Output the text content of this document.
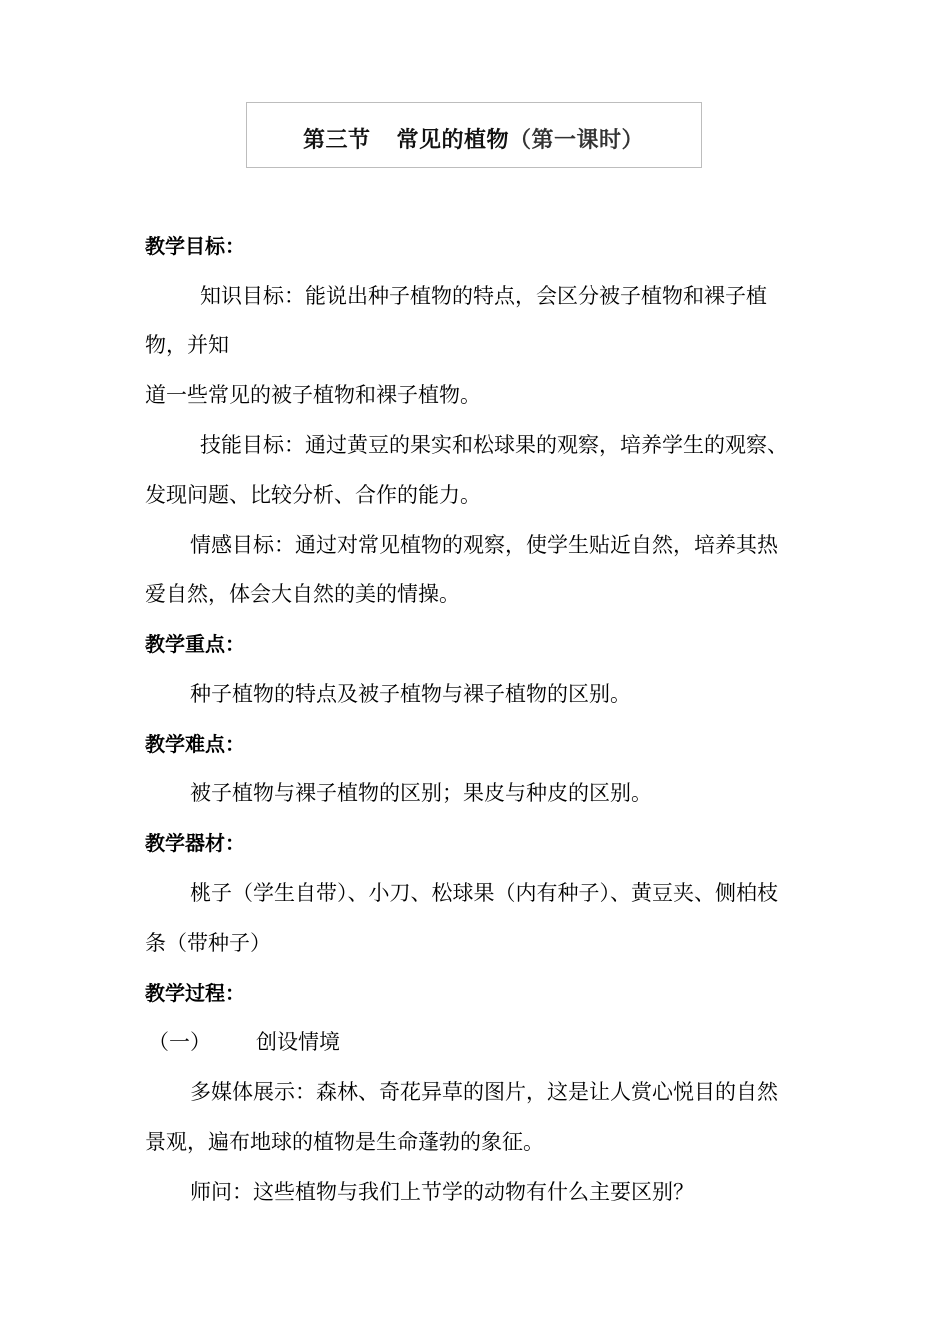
第三节 常见的植物（第一课时）
教学目标：
知识目标：能说出种子植物的特点，会区分被子植物和裸子植
物，并知
道一些常见的被子植物和裸子植物。
技能目标：通过黄豆的果实和松球果的观察，培养学生的观察、
发现问题、比较分析、合作的能力。
情感目标：通过对常见植物的观察，使学生贴近自然，培养其热
爱自然，体会大自然的美的情操。
教学重点：
种子植物的特点及被子植物与裸子植物的区别。
教学难点：
被子植物与裸子植物的区别；果皮与种皮的区别。
教学器材：
桃子（学生自带）、小刀、松球果（内有种子）、黄豆夹、侧柏枝
条（带种子）
教学过程：
（一） 创设情境
多媒体展示：森林、奇花异草的图片，这是让人赏心悦目的自然
景观，遍布地球的植物是生命蓬勃的象征。
师问：这些植物与我们上节学的动物有什么主要区别？
